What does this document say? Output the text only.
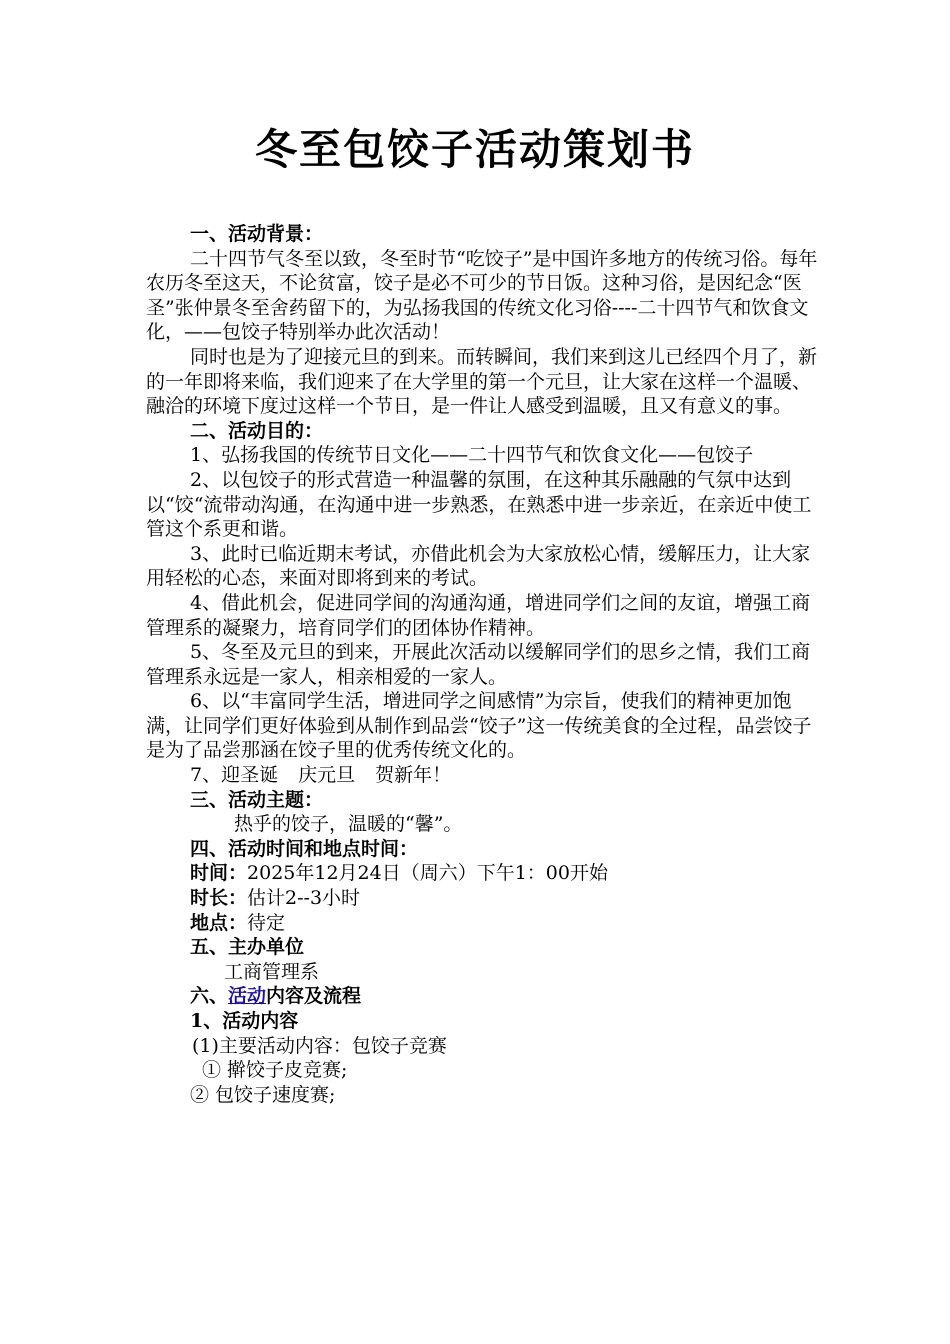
冬至包饺子活动策划书

一、活动背景：

二十四节气冬至以致，冬至时节“吃饺子”是中国许多地方的传统习俗。每年农历冬至这天，不论贫富，饺子是必不可少的节日饭。这种习俗，是因纪念“医圣”张仲景冬至舍药留下的，为弘扬我国的传统文化习俗----二十四节气和饮食文化，——包饺子特别举办此次活动！

同时也是为了迎接元旦的到来。而转瞬间，我们来到这儿已经四个月了，新的一年即将来临，我们迎来了在大学里的第一个元旦，让大家在这样一个温暖、融洽的环境下度过这样一个节日，是一件让人感受到温暖，且又有意义的事。

二、活动目的：

1、弘扬我国的传统节日文化——二十四节气和饮食文化——包饺子

2、以包饺子的形式营造一种温馨的氛围，在这种其乐融融的气氛中达到以“饺“流带动沟通，在沟通中进一步熟悉，在熟悉中进一步亲近，在亲近中使工管这个系更和谐。

3、此时已临近期末考试，亦借此机会为大家放松心情，缓解压力，让大家用轻松的心态，来面对即将到来的考试。

4、借此机会，促进同学间的沟通沟通，增进同学们之间的友谊，增强工商管理系的凝聚力，培育同学们的团体协作精神。

5、冬至及元旦的到来，开展此次活动以缓解同学们的思乡之情，我们工商管理系永远是一家人，相亲相爱的一家人。

6、以“丰富同学生活，增进同学之间感情”为宗旨，使我们的精神更加饱满，让同学们更好体验到从制作到品尝“饺子”这一传统美食的全过程，品尝饺子是为了品尝那涵在饺子里的优秀传统文化的。

7、迎圣诞 庆元旦 贺新年！

三、活动主题：

热乎的饺子，温暖的“馨”。

四、活动时间和地点时间：

时间：2025年12月24日（周六）下午1：00开始

时长：估计2--3小时

地点：待定

五、主办单位

工商管理系

六、活动内容及流程

1、活动内容

(1)主要活动内容：包饺子竞赛

① 擀饺子皮竞赛;

② 包饺子速度赛;
